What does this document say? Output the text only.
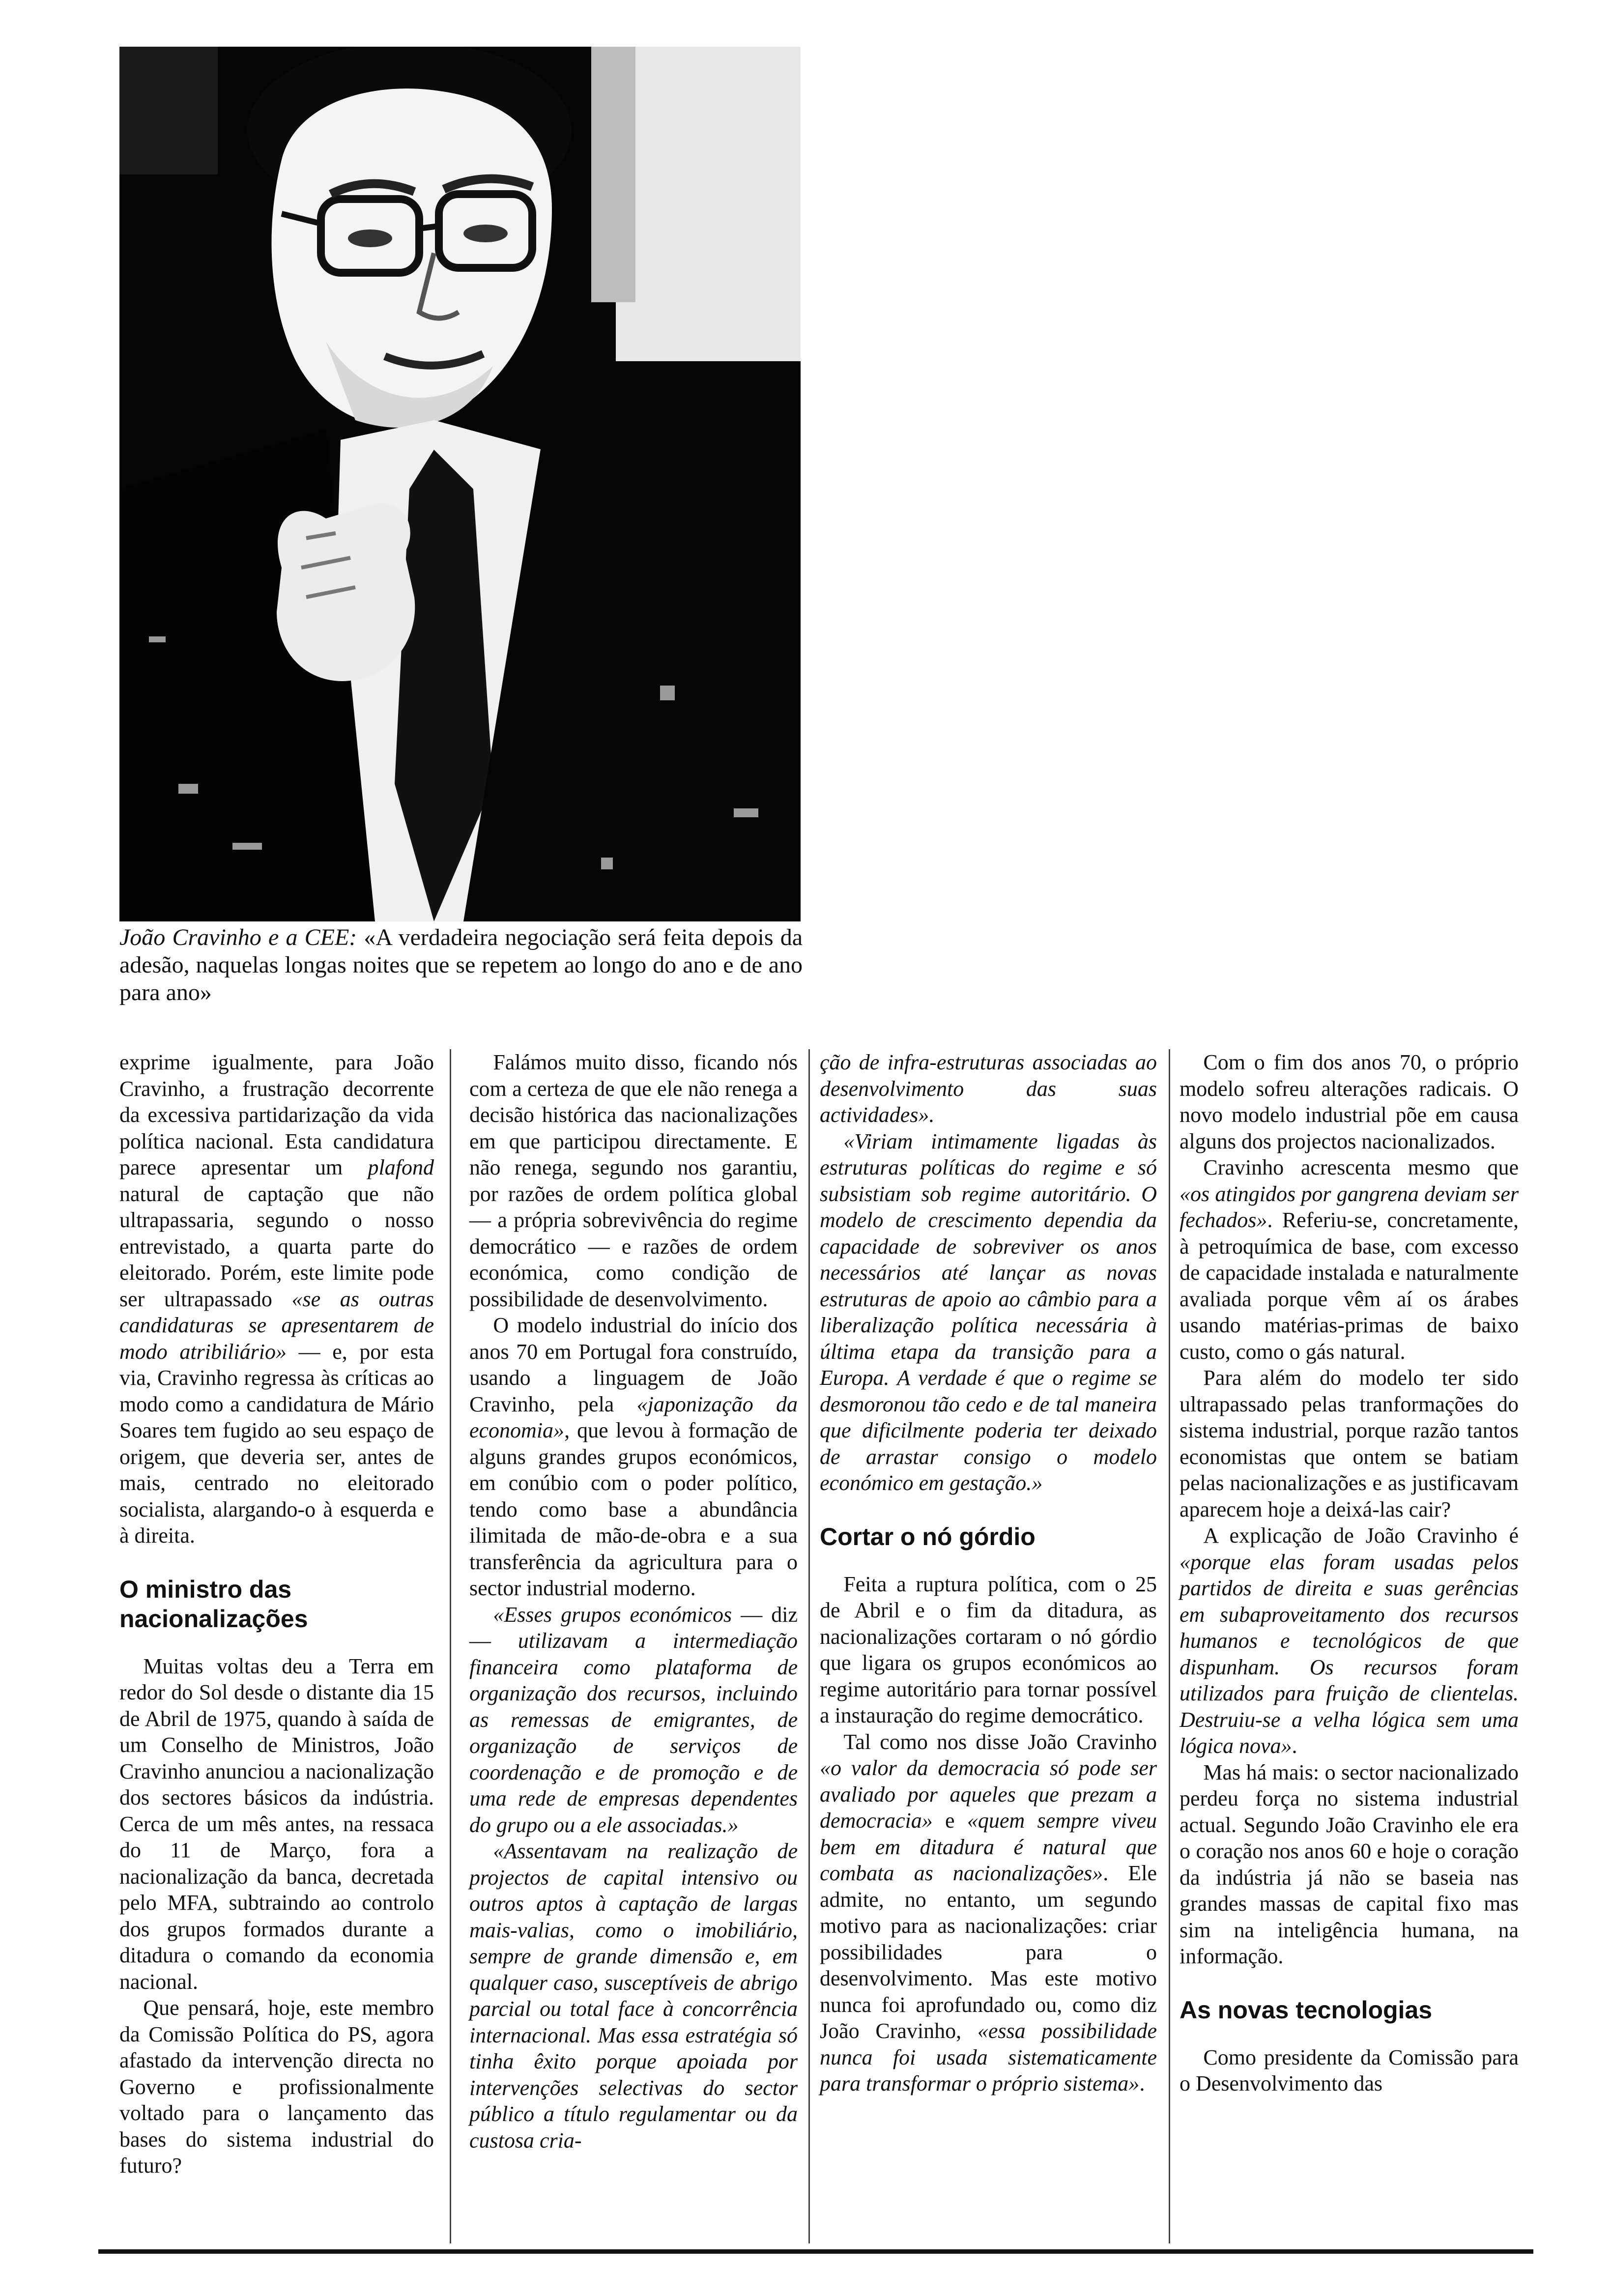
João Cravinho e a CEE: «A verdadeira negociação será feita depois da adesão, naquelas longas noites que se repetem ao longo do ano e de ano para ano»

exprime igualmente, para João Cravinho, a frustração decorrente da excessiva partidarização da vida política nacional. Esta candidatura parece apresentar um plafond natural de captação que não ultrapassaria, segundo o nosso entrevistado, a quarta parte do eleitorado. Porém, este limite pode ser ultrapassado «se as outras candidaturas se apresentarem de modo atribiliário» — e, por esta via, Cravinho regressa às críticas ao modo como a candidatura de Mário Soares tem fugido ao seu espaço de origem, que deveria ser, antes de mais, centrado no eleitorado socialista, alargando-o à esquerda e à direita.

O ministro das nacionalizações

Muitas voltas deu a Terra em redor do Sol desde o distante dia 15 de Abril de 1975, quando à saída de um Conselho de Ministros, João Cravinho anunciou a nacionalização dos sectores básicos da indústria. Cerca de um mês antes, na ressaca do 11 de Março, fora a nacionalização da banca, decretada pelo MFA, subtraindo ao controlo dos grupos formados durante a ditadura o comando da economia nacional.

Que pensará, hoje, este membro da Comissão Política do PS, agora afastado da intervenção directa no Governo e profissionalmente voltado para o lançamento das bases do sistema industrial do futuro?

Falámos muito disso, ficando nós com a certeza de que ele não renega a decisão histórica das nacionalizações em que participou directamente. E não renega, segundo nos garantiu, por razões de ordem política global — a própria sobrevivência do regime democrático — e razões de ordem económica, como condição de possibilidade de desenvolvimento.

O modelo industrial do início dos anos 70 em Portugal fora construído, usando a linguagem de João Cravinho, pela «japonização da economia», que levou à formação de alguns grandes grupos económicos, em conúbio com o poder político, tendo como base a abundância ilimitada de mão-de-obra e a sua transferência da agricultura para o sector industrial moderno.

«Esses grupos económicos — diz — utilizavam a intermediação financeira como plataforma de organização dos recursos, incluindo as remessas de emigrantes, de organização de serviços de coordenação e de promoção e de uma rede de empresas dependentes do grupo ou a ele associadas.»

«Assentavam na realização de projectos de capital intensivo ou outros aptos à captação de largas mais-valias, como o imobiliário, sempre de grande dimensão e, em qualquer caso, susceptíveis de abrigo parcial ou total face à concorrência internacional. Mas essa estratégia só tinha êxito porque apoiada por intervenções selectivas do sector público a título regulamentar ou da custosa cria-

ção de infra-estruturas associadas ao desenvolvimento das suas actividades».

«Viriam intimamente ligadas às estruturas políticas do regime e só subsistiam sob regime autoritário. O modelo de crescimento dependia da capacidade de sobreviver os anos necessários até lançar as novas estruturas de apoio ao câmbio para a liberalização política necessária à última etapa da transição para a Europa. A verdade é que o regime se desmoronou tão cedo e de tal maneira que dificilmente poderia ter deixado de arrastar consigo o modelo económico em gestação.»

Cortar o nó górdio

Feita a ruptura política, com o 25 de Abril e o fim da ditadura, as nacionalizações cortaram o nó górdio que ligara os grupos económicos ao regime autoritário para tornar possível a instauração do regime democrático.

Tal como nos disse João Cravinho «o valor da democracia só pode ser avaliado por aqueles que prezam a democracia» e «quem sempre viveu bem em ditadura é natural que combata as nacionalizações». Ele admite, no entanto, um segundo motivo para as nacionalizações: criar possibilidades para o desenvolvimento. Mas este motivo nunca foi aprofundado ou, como diz João Cravinho, «essa possibilidade nunca foi usada sistematicamente para transformar o próprio sistema».

Com o fim dos anos 70, o próprio modelo sofreu alterações radicais. O novo modelo industrial põe em causa alguns dos projectos nacionalizados.

Cravinho acrescenta mesmo que «os atingidos por gangrena deviam ser fechados». Referiu-se, concretamente, à petroquímica de base, com excesso de capacidade instalada e naturalmente avaliada porque vêm aí os árabes usando matérias-primas de baixo custo, como o gás natural.

Para além do modelo ter sido ultrapassado pelas tranformações do sistema industrial, porque razão tantos economistas que ontem se batiam pelas nacionalizações e as justificavam aparecem hoje a deixá-las cair?

A explicação de João Cravinho é «porque elas foram usadas pelos partidos de direita e suas gerências em subaproveitamento dos recursos humanos e tecnológicos de que dispunham. Os recursos foram utilizados para fruição de clientelas. Destruiu-se a velha lógica sem uma lógica nova».

Mas há mais: o sector nacionalizado perdeu força no sistema industrial actual. Segundo João Cravinho ele era o coração nos anos 60 e hoje o coração da indústria já não se baseia nas grandes massas de capital fixo mas sim na inteligência humana, na informação.

As novas tecnologias

Como presidente da Comissão para o Desenvolvimento das
